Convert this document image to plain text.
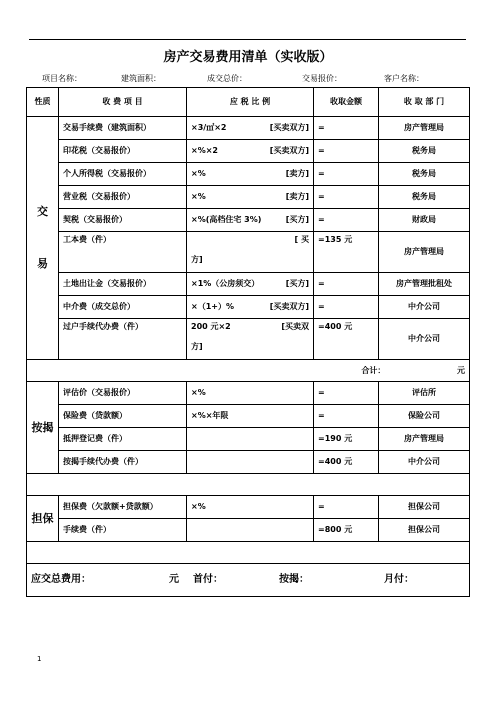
房产交易费用清单（实收版）
项目名称：	建筑面积：	成交总价：	交易报价：	客户名称：
性质	收 费 项 目	应 税 比 例	收取金额	收 取 部 门

交
易	交易手续费（建筑面积）	×3/㎡×2 [买卖双方]	=	房产管理局
	印花税（交易报价）	×%×2 [买卖双方]	=	税务局
	个人所得税（交易报价）	×% [卖方]	=	税务局
	营业税（交易报价）	×% [卖方]	=	税务局
	契税（交易报价）	×%(高档住宅 3%) [买方]	=	财政局
	工本费（件）	[ 买
方]	=135 元	房产管理局
	土地出让金（交易报价）	×1%（公房须交） [买方]	=	房产管理批租处
	中介费（成交总价）	×（1+）% [买卖双方]	=	中介公司
	过户手续代办费（件）	200 元×2 [买卖双
方]	=400 元	中介公司
合计： 元				
按揭	评估价（交易报价）	×%	=	评估所
	保险费（贷款额）	×%×年限	=	保险公司
	抵押登记费（件）		=190 元	房产管理局
	按揭手续代办费（件）		=400 元	中介公司

担保	担保费（欠款额+贷款额）	×%	=	担保公司
	手续费（件）		=800 元	担保公司

应交总费用： 元 首付： 按揭： 月付：				
1
